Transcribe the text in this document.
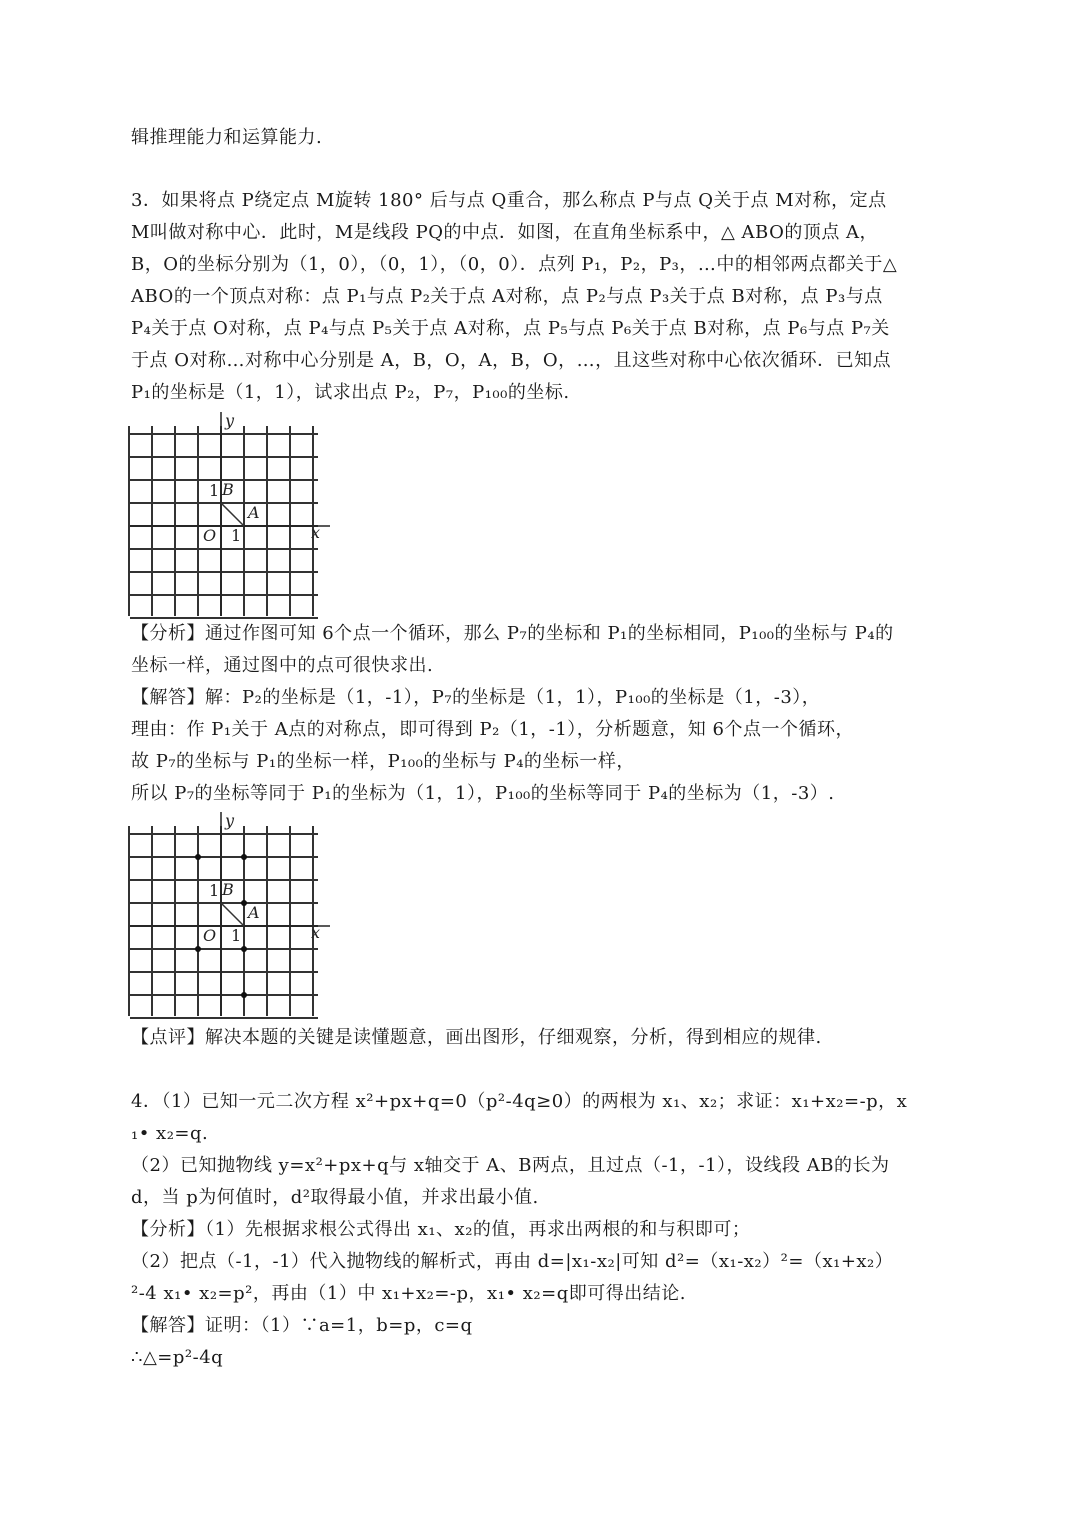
辑推理能力和运算能力.
3．如果将点 P绕定点 M旋转 180° 后与点 Q重合，那么称点 P与点 Q关于点 M对称，定点
M叫做对称中心．此时，M是线段 PQ的中点．如图，在直角坐标系中，△ ABO的顶点 A，
B，O的坐标分别为（1，0），（0，1），（0，0）．点列 P₁，P₂，P₃，…中的相邻两点都关于△
ABO的一个顶点对称：点 P₁与点 P₂关于点 A对称，点 P₂与点 P₃关于点 B对称，点 P₃与点
P₄关于点 O对称，点 P₄与点 P₅关于点 A对称，点 P₅与点 P₆关于点 B对称，点 P₆与点 P₇关
于点 O对称…对称中心分别是 A，B，O，A，B，O，…，且这些对称中心依次循环．已知点
P₁的坐标是（1，1），试求出点 P₂，P₇，P₁₀₀的坐标.
y
x
O 1
1 B
A
【分析】通过作图可知 6个点一个循环，那么 P₇的坐标和 P₁的坐标相同，P₁₀₀的坐标与 P₄的
坐标一样，通过图中的点可很快求出.
【解答】解：P₂的坐标是（1，-1），P₇的坐标是（1，1），P₁₀₀的坐标是（1，-3），
理由：作 P₁关于 A点的对称点，即可得到 P₂（1，-1），分析题意，知 6个点一个循环，
故 P₇的坐标与 P₁的坐标一样，P₁₀₀的坐标与 P₄的坐标一样，
所以 P₇的坐标等同于 P₁的坐标为（1，1），P₁₀₀的坐标等同于 P₄的坐标为（1，-3）.
y
x
O 1
1 B
A
【点评】解决本题的关键是读懂题意，画出图形，仔细观察，分析，得到相应的规律.
4．（1）已知一元二次方程 x²+px+q=0（p²-4q≥0）的两根为 x₁、x₂；求证：x₁+x₂=-p，x
₁• x₂=q.
（2）已知抛物线 y=x²+px+q与 x轴交于 A、B两点，且过点（-1，-1），设线段 AB的长为
d，当 p为何值时，d²取得最小值，并求出最小值.
【分析】（1）先根据求根公式得出 x₁、x₂的值，再求出两根的和与积即可；
（2）把点（-1，-1）代入抛物线的解析式，再由 d=|x₁-x₂|可知 d²=（x₁-x₂）²=（x₁+x₂）
²-4 x₁• x₂=p²，再由（1）中 x₁+x₂=-p，x₁• x₂=q即可得出结论.
【解答】证明：（1）∵a=1，b=p，c=q
∴△=p²-4q
